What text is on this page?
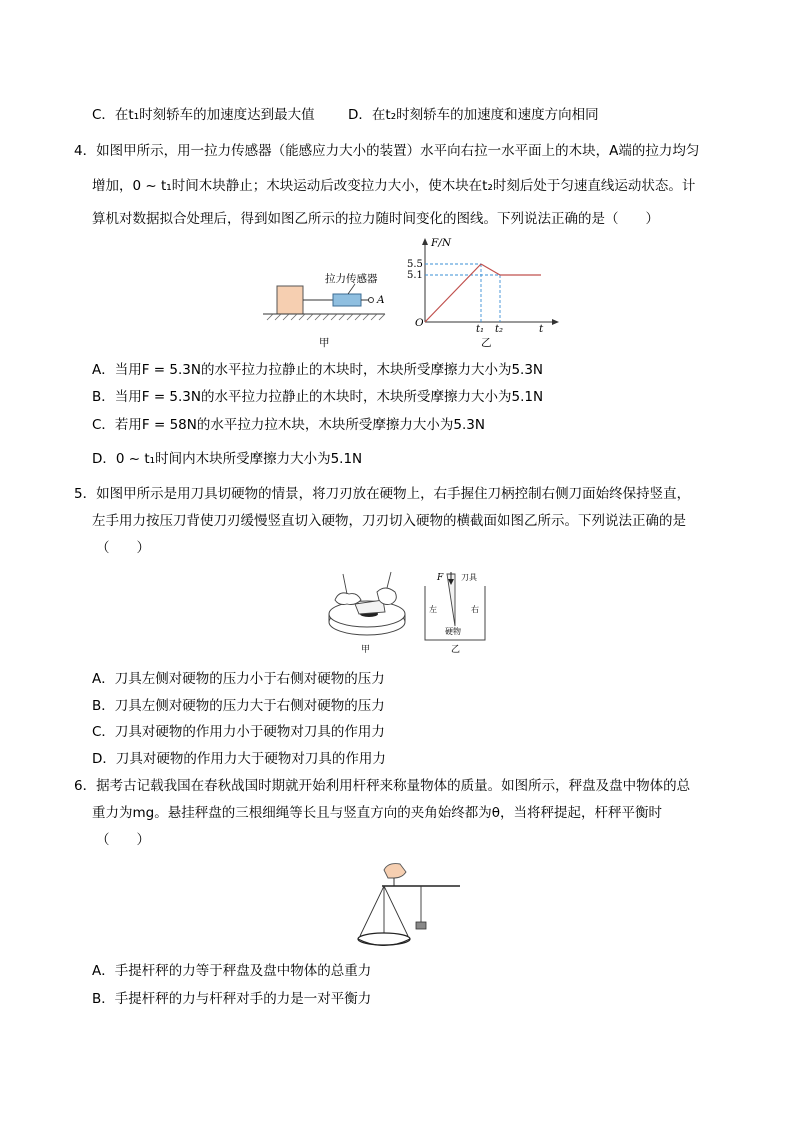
C．在t₁时刻轿车的加速度达到最大值 D．在t₂时刻轿车的加速度和速度方向相同
4．如图甲所示，用一拉力传感器（能感应力大小的装置）水平向右拉一水平面上的木块，A端的拉力均匀
增加，0 ~ t₁时间木块静止；木块运动后改变拉力大小，使木块在t₂时刻后处于匀速直线运动状态。计
算机对数据拟合处理后，得到如图乙所示的拉力随时间变化的图线。下列说法正确的是（　　）
拉力传感器
A
甲
F/N
t
O
5.5
5.1
t₁ t₂
乙
A．当用F = 5.3N的水平拉力拉静止的木块时，木块所受摩擦力大小为5.3N
B．当用F = 5.3N的水平拉力拉静止的木块时，木块所受摩擦力大小为5.1N
C．若用F = 58N的水平拉力拉木块，木块所受摩擦力大小为5.3N
D．0 ~ t₁时间内木块所受摩擦力大小为5.1N
5．如图甲所示是用刀具切硬物的情景，将刀刃放在硬物上，右手握住刀柄控制右侧刀面始终保持竖直，
左手用力按压刀背使刀刃缓慢竖直切入硬物，刀刃切入硬物的横截面如图乙所示。下列说法正确的是
（　　）
甲
F 刀具
左	右
硬物
乙
A．刀具左侧对硬物的压力小于右侧对硬物的压力
B．刀具左侧对硬物的压力大于右侧对硬物的压力
C．刀具对硬物的作用力小于硬物对刀具的作用力
D．刀具对硬物的作用力大于硬物对刀具的作用力
6．据考古记载我国在春秋战国时期就开始利用杆秤来称量物体的质量。如图所示，秤盘及盘中物体的总
重力为mg。悬挂秤盘的三根细绳等长且与竖直方向的夹角始终都为θ，当将秤提起，杆秤平衡时
（　　）
A．手提杆秤的力等于秤盘及盘中物体的总重力
B．手提杆秤的力与杆秤对手的力是一对平衡力
